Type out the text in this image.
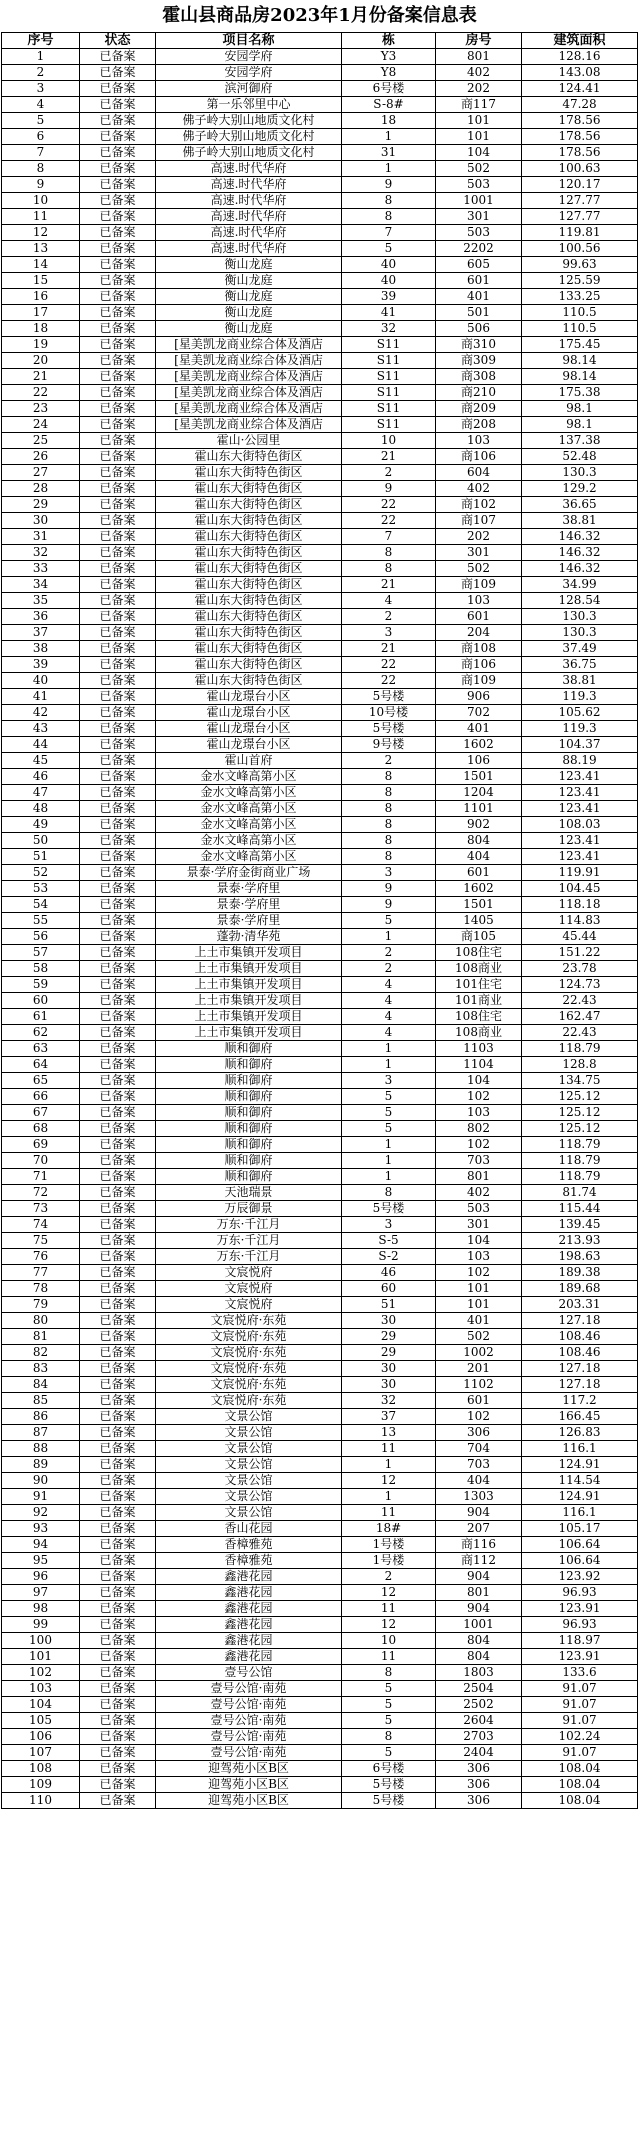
霍山县商品房2023年1月份备案信息表
序号	状态	项目名称	栋	房号	建筑面积
1	已备案	安园学府	Y3	801	128.16
2	已备案	安园学府	Y8	402	143.08
3	已备案	滨河御府	6号楼	202	124.41
4	已备案	第一乐邻里中心	S-8#	商117	47.28
5	已备案	佛子岭大别山地质文化村	18	101	178.56
6	已备案	佛子岭大别山地质文化村	1	101	178.56
7	已备案	佛子岭大别山地质文化村	31	104	178.56
8	已备案	高速.时代华府	1	502	100.63
9	已备案	高速.时代华府	9	503	120.17
10	已备案	高速.时代华府	8	1001	127.77
11	已备案	高速.时代华府	8	301	127.77
12	已备案	高速.时代华府	7	503	119.81
13	已备案	高速.时代华府	5	2202	100.56
14	已备案	衡山龙庭	40	605	99.63
15	已备案	衡山龙庭	40	601	125.59
16	已备案	衡山龙庭	39	401	133.25
17	已备案	衡山龙庭	41	501	110.5
18	已备案	衡山龙庭	32	506	110.5
19	已备案	[星美凯龙商业综合体及酒店	S11	商310	175.45
20	已备案	[星美凯龙商业综合体及酒店	S11	商309	98.14
21	已备案	[星美凯龙商业综合体及酒店	S11	商308	98.14
22	已备案	[星美凯龙商业综合体及酒店	S11	商210	175.38
23	已备案	[星美凯龙商业综合体及酒店	S11	商209	98.1
24	已备案	[星美凯龙商业综合体及酒店	S11	商208	98.1
25	已备案	霍山·公园里	10	103	137.38
26	已备案	霍山东大街特色街区	21	商106	52.48
27	已备案	霍山东大街特色街区	2	604	130.3
28	已备案	霍山东大街特色街区	9	402	129.2
29	已备案	霍山东大街特色街区	22	商102	36.65
30	已备案	霍山东大街特色街区	22	商107	38.81
31	已备案	霍山东大街特色街区	7	202	146.32
32	已备案	霍山东大街特色街区	8	301	146.32
33	已备案	霍山东大街特色街区	8	502	146.32
34	已备案	霍山东大街特色街区	21	商109	34.99
35	已备案	霍山东大街特色街区	4	103	128.54
36	已备案	霍山东大街特色街区	2	601	130.3
37	已备案	霍山东大街特色街区	3	204	130.3
38	已备案	霍山东大街特色街区	21	商108	37.49
39	已备案	霍山东大街特色街区	22	商106	36.75
40	已备案	霍山东大街特色街区	22	商109	38.81
41	已备案	霍山龙璟台小区	5号楼	906	119.3
42	已备案	霍山龙璟台小区	10号楼	702	105.62
43	已备案	霍山龙璟台小区	5号楼	401	119.3
44	已备案	霍山龙璟台小区	9号楼	1602	104.37
45	已备案	霍山首府	2	106	88.19
46	已备案	金水文峰高第小区	8	1501	123.41
47	已备案	金水文峰高第小区	8	1204	123.41
48	已备案	金水文峰高第小区	8	1101	123.41
49	已备案	金水文峰高第小区	8	902	108.03
50	已备案	金水文峰高第小区	8	804	123.41
51	已备案	金水文峰高第小区	8	404	123.41
52	已备案	景泰·学府金街商业广场	3	601	119.91
53	已备案	景泰·学府里	9	1602	104.45
54	已备案	景泰·学府里	9	1501	118.18
55	已备案	景泰·学府里	5	1405	114.83
56	已备案	蓬勃·清华苑	1	商105	45.44
57	已备案	上土市集镇开发项目	2	108住宅	151.22
58	已备案	上土市集镇开发项目	2	108商业	23.78
59	已备案	上土市集镇开发项目	4	101住宅	124.73
60	已备案	上土市集镇开发项目	4	101商业	22.43
61	已备案	上土市集镇开发项目	4	108住宅	162.47
62	已备案	上土市集镇开发项目	4	108商业	22.43
63	已备案	顺和御府	1	1103	118.79
64	已备案	顺和御府	1	1104	128.8
65	已备案	顺和御府	3	104	134.75
66	已备案	顺和御府	5	102	125.12
67	已备案	顺和御府	5	103	125.12
68	已备案	顺和御府	5	802	125.12
69	已备案	顺和御府	1	102	118.79
70	已备案	顺和御府	1	703	118.79
71	已备案	顺和御府	1	801	118.79
72	已备案	天池瑞景	8	402	81.74
73	已备案	万辰御景	5号楼	503	115.44
74	已备案	万东·千江月	3	301	139.45
75	已备案	万东·千江月	S-5	104	213.93
76	已备案	万东·千江月	S-2	103	198.63
77	已备案	文宸悦府	46	102	189.38
78	已备案	文宸悦府	60	101	189.68
79	已备案	文宸悦府	51	101	203.31
80	已备案	文宸悦府·东苑	30	401	127.18
81	已备案	文宸悦府·东苑	29	502	108.46
82	已备案	文宸悦府·东苑	29	1002	108.46
83	已备案	文宸悦府·东苑	30	201	127.18
84	已备案	文宸悦府·东苑	30	1102	127.18
85	已备案	文宸悦府·东苑	32	601	117.2
86	已备案	文景公馆	37	102	166.45
87	已备案	文景公馆	13	306	126.83
88	已备案	文景公馆	11	704	116.1
89	已备案	文景公馆	1	703	124.91
90	已备案	文景公馆	12	404	114.54
91	已备案	文景公馆	1	1303	124.91
92	已备案	文景公馆	11	904	116.1
93	已备案	香山花园	18#	207	105.17
94	已备案	香樟雅苑	1号楼	商116	106.64
95	已备案	香樟雅苑	1号楼	商112	106.64
96	已备案	鑫港花园	2	904	123.92
97	已备案	鑫港花园	12	801	96.93
98	已备案	鑫港花园	11	904	123.91
99	已备案	鑫港花园	12	1001	96.93
100	已备案	鑫港花园	10	804	118.97
101	已备案	鑫港花园	11	804	123.91
102	已备案	壹号公馆	8	1803	133.6
103	已备案	壹号公馆·南苑	5	2504	91.07
104	已备案	壹号公馆·南苑	5	2502	91.07
105	已备案	壹号公馆·南苑	5	2604	91.07
106	已备案	壹号公馆·南苑	8	2703	102.24
107	已备案	壹号公馆·南苑	5	2404	91.07
108	已备案	迎驾苑小区B区	6号楼	306	108.04
109	已备案	迎驾苑小区B区	5号楼	306	108.04
110	已备案	迎驾苑小区B区	5号楼	306	108.04
